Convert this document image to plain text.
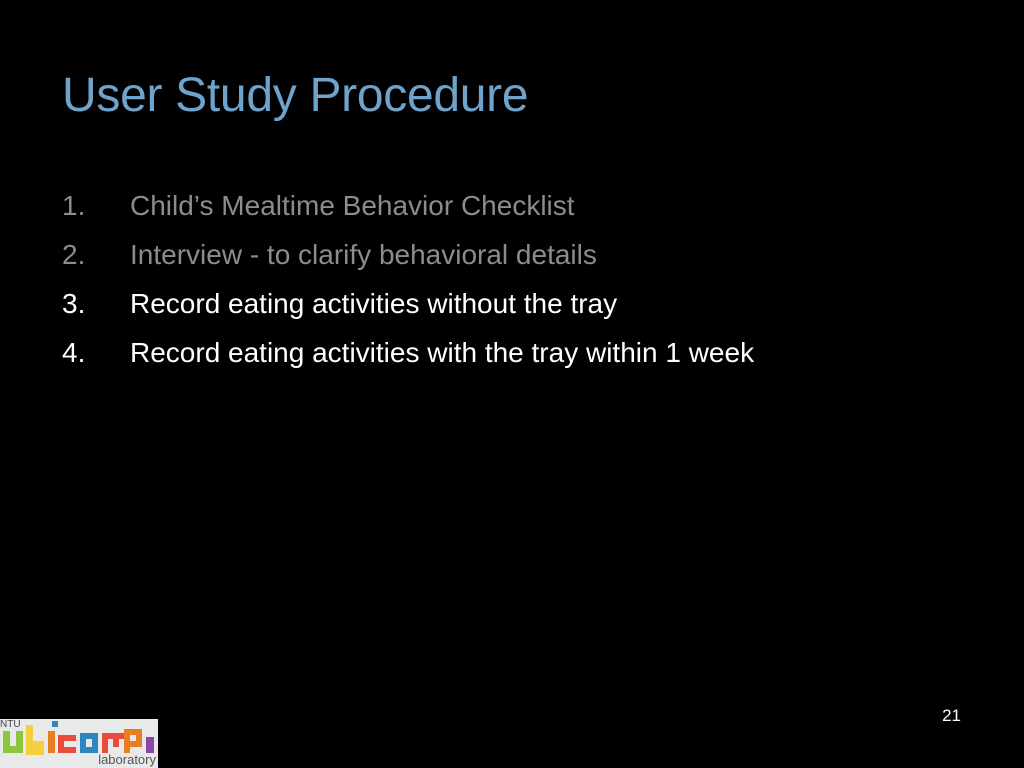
User Study Procedure
1. Child’s Mealtime Behavior Checklist
2. Interview - to clarify behavioral details
3. Record eating activities without the tray
4. Record eating activities with the tray within 1 week
21
NTU
laboratory
